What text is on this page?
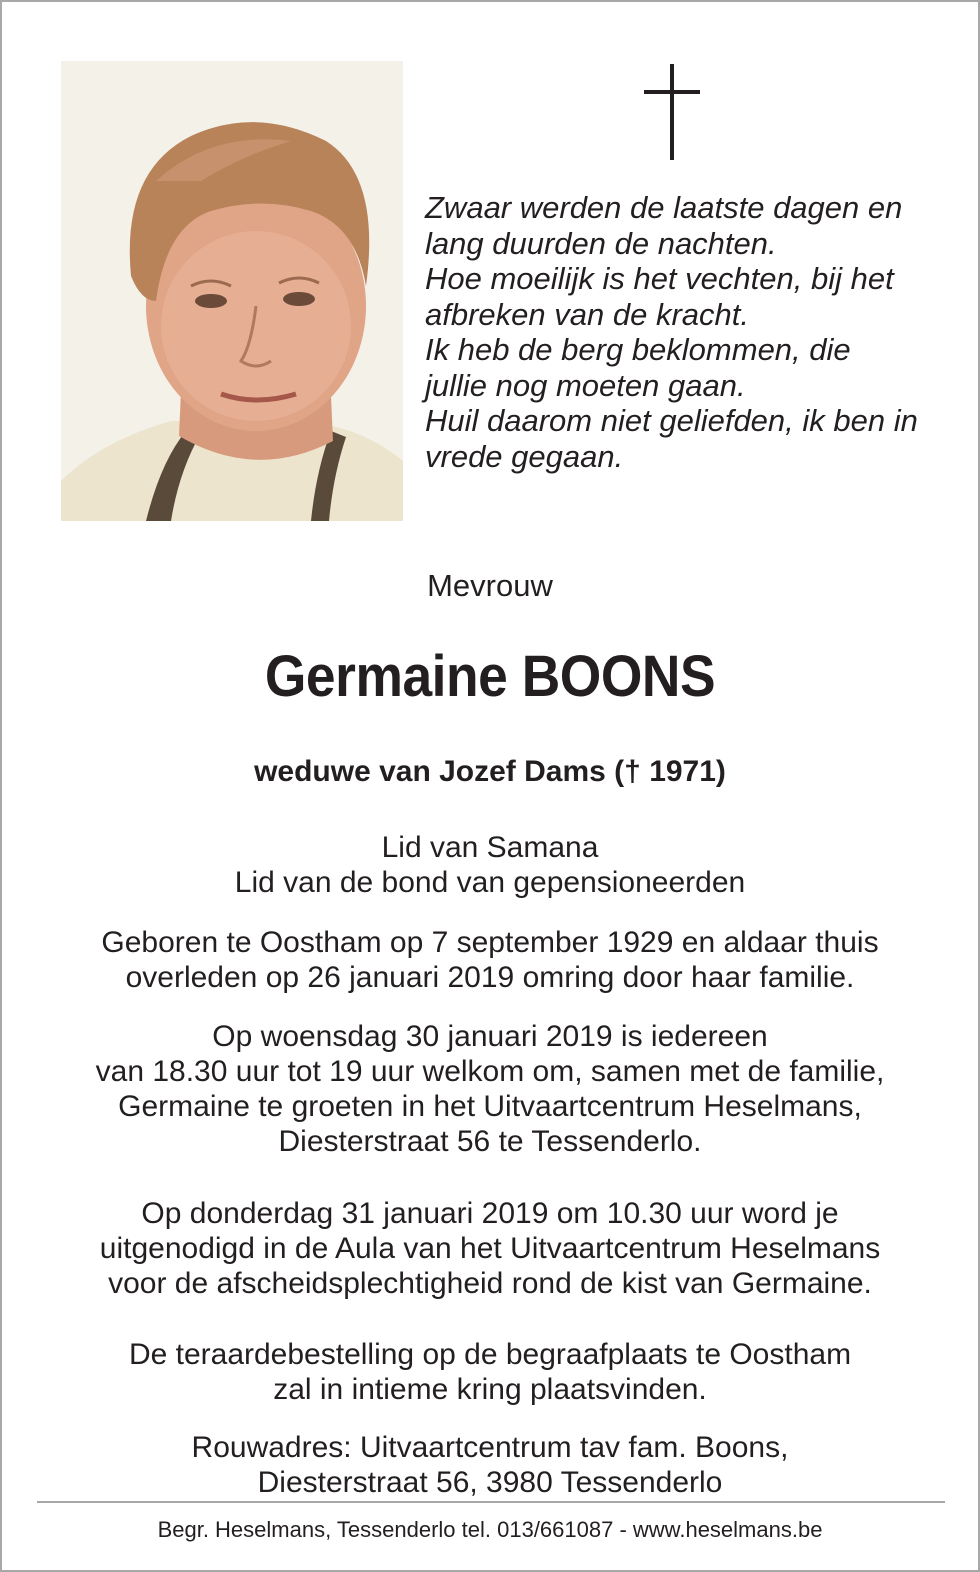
Zwaar werden de laatste dagen en
lang duurden de nachten.
Hoe moeilijk is het vechten, bij het
afbreken van de kracht.
Ik heb de berg beklommen, die
jullie nog moeten gaan.
Huil daarom niet geliefden, ik ben in
vrede gegaan.
Mevrouw
Germaine BOONS
weduwe van Jozef Dams († 1971)
Lid van Samana
Lid van de bond van gepensioneerden
Geboren te Oostham op 7 september 1929 en aldaar thuis
overleden op 26 januari 2019 omring door haar familie.
Op woensdag 30 januari 2019 is iedereen
van 18.30 uur tot 19 uur welkom om, samen met de familie,
Germaine te groeten in het Uitvaartcentrum Heselmans,
Diesterstraat 56 te Tessenderlo.
Op donderdag 31 januari 2019 om 10.30 uur word je
uitgenodigd in de Aula van het Uitvaartcentrum Heselmans
voor de afscheidsplechtigheid rond de kist van Germaine.
De teraardebestelling op de begraafplaats te Oostham
zal in intieme kring plaatsvinden.
Rouwadres: Uitvaartcentrum tav fam. Boons,
Diesterstraat 56, 3980 Tessenderlo
Begr. Heselmans, Tessenderlo tel. 013/661087 - www.heselmans.be
